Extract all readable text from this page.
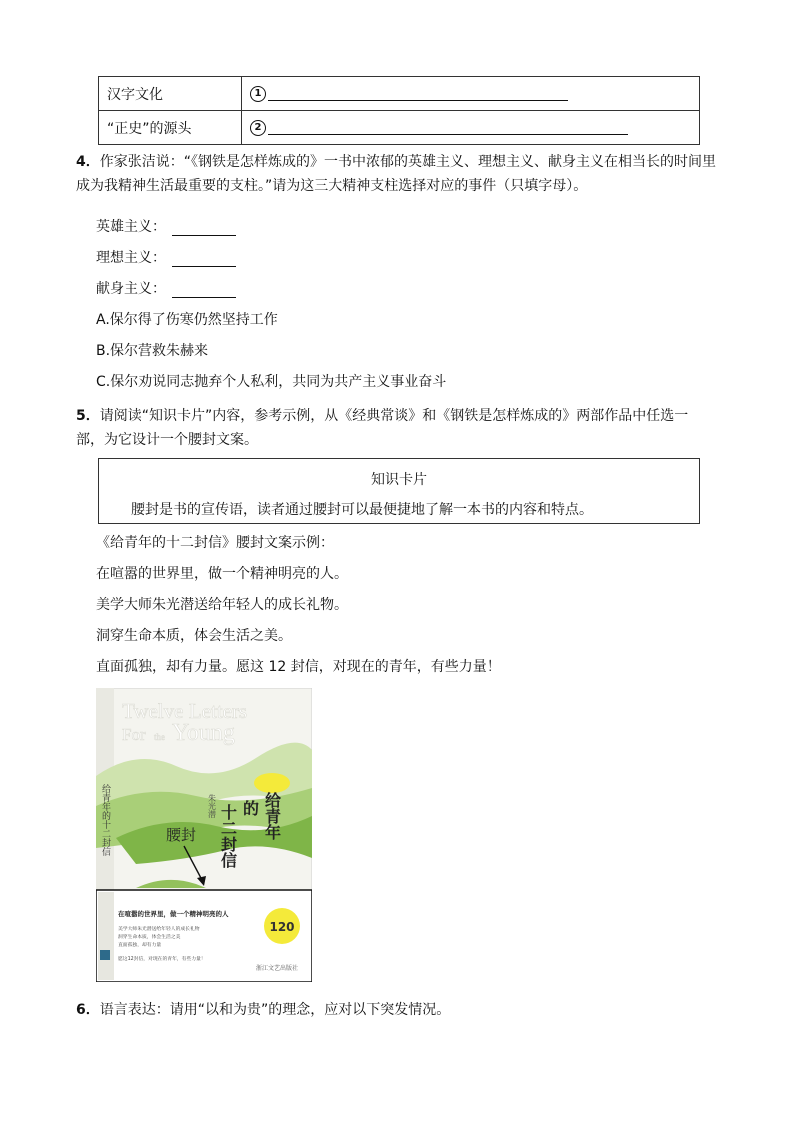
汉字文化	1
“正史”的源头	2
4．作家张洁说：“《钢铁是怎样炼成的》一书中浓郁的英雄主义、理想主义、献身主义在相当长的时间里成为我精神生活最重要的支柱。”请为这三大精神支柱选择对应的事件（只填字母）。
英雄主义：
理想主义：
献身主义：
A.保尔得了伤寒仍然坚持工作
B.保尔营救朱赫来
C.保尔劝说同志抛弃个人私利，共同为共产主义事业奋斗
5．请阅读“知识卡片”内容，参考示例，从《经典常谈》和《钢铁是怎样炼成的》两部作品中任选一部，为它设计一个腰封文案。
知识卡片
腰封是书的宣传语，读者通过腰封可以最便捷地了解一本书的内容和特点。
《给青年的十二封信》腰封文案示例：
在喧嚣的世界里，做一个精神明亮的人。
美学大师朱光潜送给年轻人的成长礼物。
洞穿生命本质，体会生活之美。
直面孤独，却有力量。愿这 12 封信，对现在的青年，有些力量！
Twelve Letters
For the Young
给青年的十二封信	给青年
的
十二封信
朱光潜
腰封
在喧嚣的世界里，做一个精神明亮的人
美学大师朱光潜送给年轻人的成长礼物
洞穿生命本质，体会生活之美
直面孤独，却有力量
愿这12封信，对现在的青年，有些力量！
120
浙江文艺出版社
6．语言表达：请用“以和为贵”的理念，应对以下突发情况。
